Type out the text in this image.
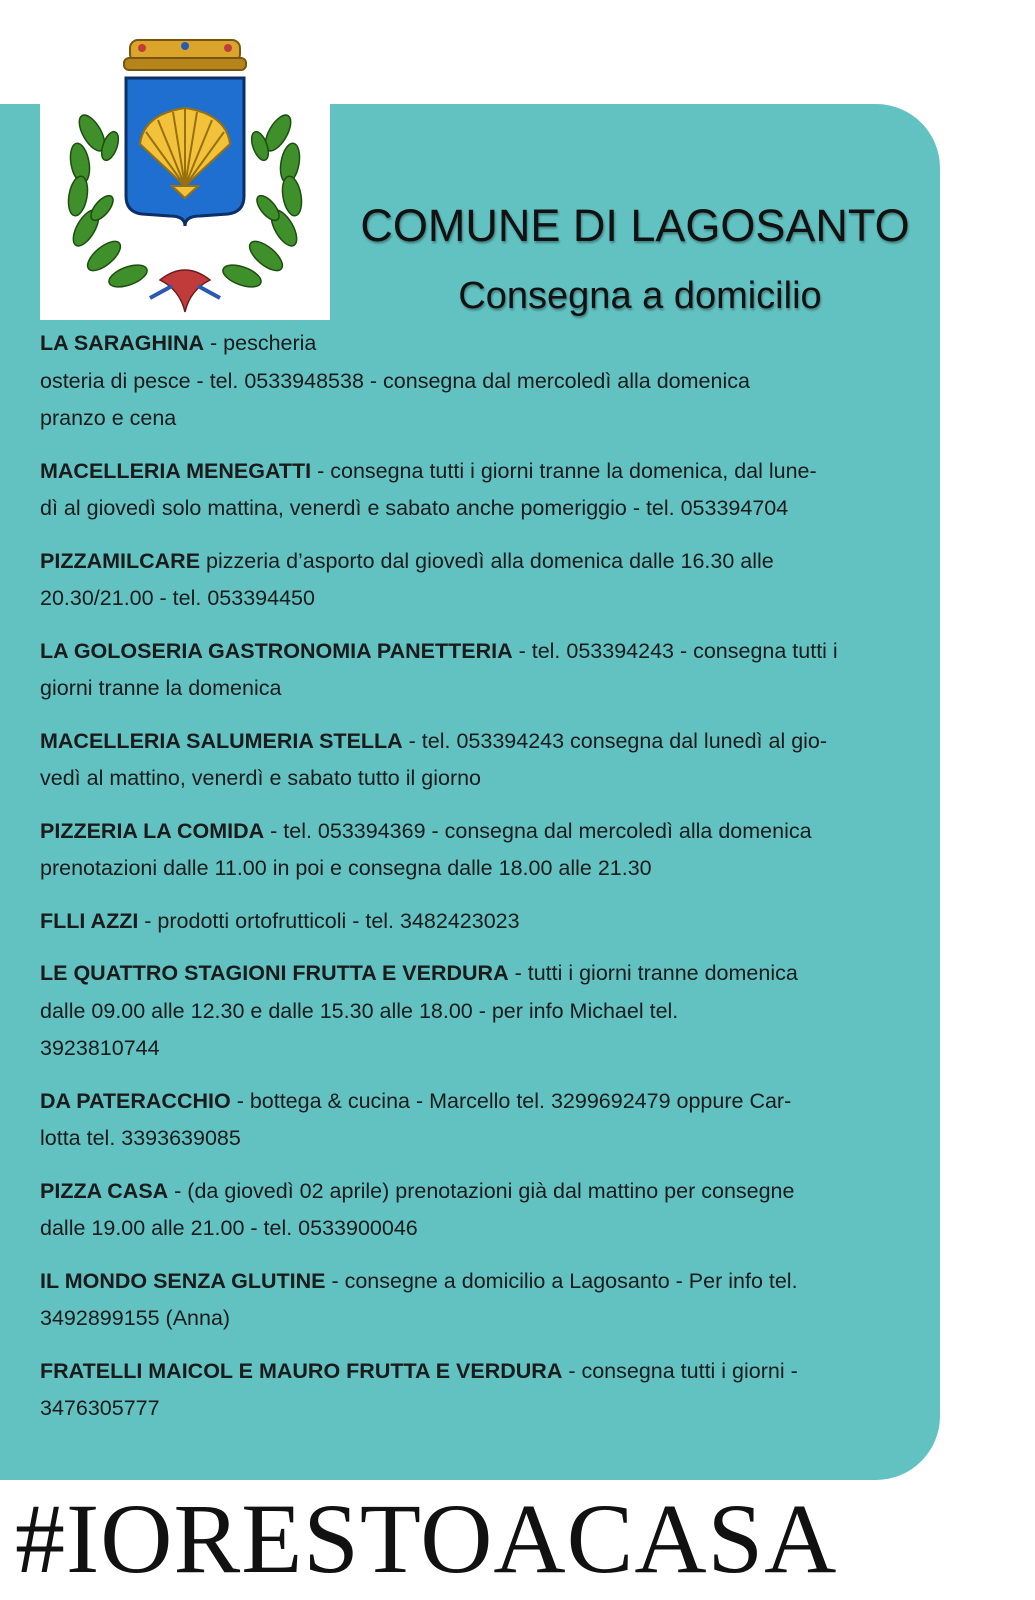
COMUNE DI LAGOSANTO
Consegna a domicilio
LA SARAGHINA - pescheria
osteria di pesce - tel. 0533948538 - consegna dal mercoledì alla domenica
pranzo e cena
MACELLERIA MENEGATTI - consegna tutti i giorni tranne la domenica, dal lune-
dì al giovedì solo mattina, venerdì e sabato anche pomeriggio - tel. 053394704
PIZZAMILCARE pizzeria d’asporto dal giovedì alla domenica dalle 16.30 alle
20.30/21.00 - tel. 053394450
LA GOLOSERIA GASTRONOMIA PANETTERIA - tel. 053394243 - consegna tutti i
giorni tranne la domenica
MACELLERIA SALUMERIA STELLA - tel. 053394243 consegna dal lunedì al gio-
vedì al mattino, venerdì e sabato tutto il giorno
PIZZERIA LA COMIDA - tel. 053394369 - consegna dal mercoledì alla domenica
prenotazioni dalle 11.00 in poi e consegna dalle 18.00 alle 21.30
FLLI AZZI - prodotti ortofrutticoli - tel. 3482423023
LE QUATTRO STAGIONI FRUTTA E VERDURA - tutti i giorni tranne domenica
dalle 09.00 alle 12.30 e dalle 15.30 alle 18.00 - per info Michael tel.
3923810744
DA PATERACCHIO - bottega & cucina - Marcello tel. 3299692479 oppure Car-
lotta tel. 3393639085
PIZZA CASA - (da giovedì 02 aprile) prenotazioni già dal mattino per consegne
dalle 19.00 alle 21.00 - tel. 0533900046
IL MONDO SENZA GLUTINE - consegne a domicilio a Lagosanto - Per info tel.
3492899155 (Anna)
FRATELLI MAICOL E MAURO FRUTTA E VERDURA - consegna tutti i giorni -
3476305777
#IORESTOACASA
